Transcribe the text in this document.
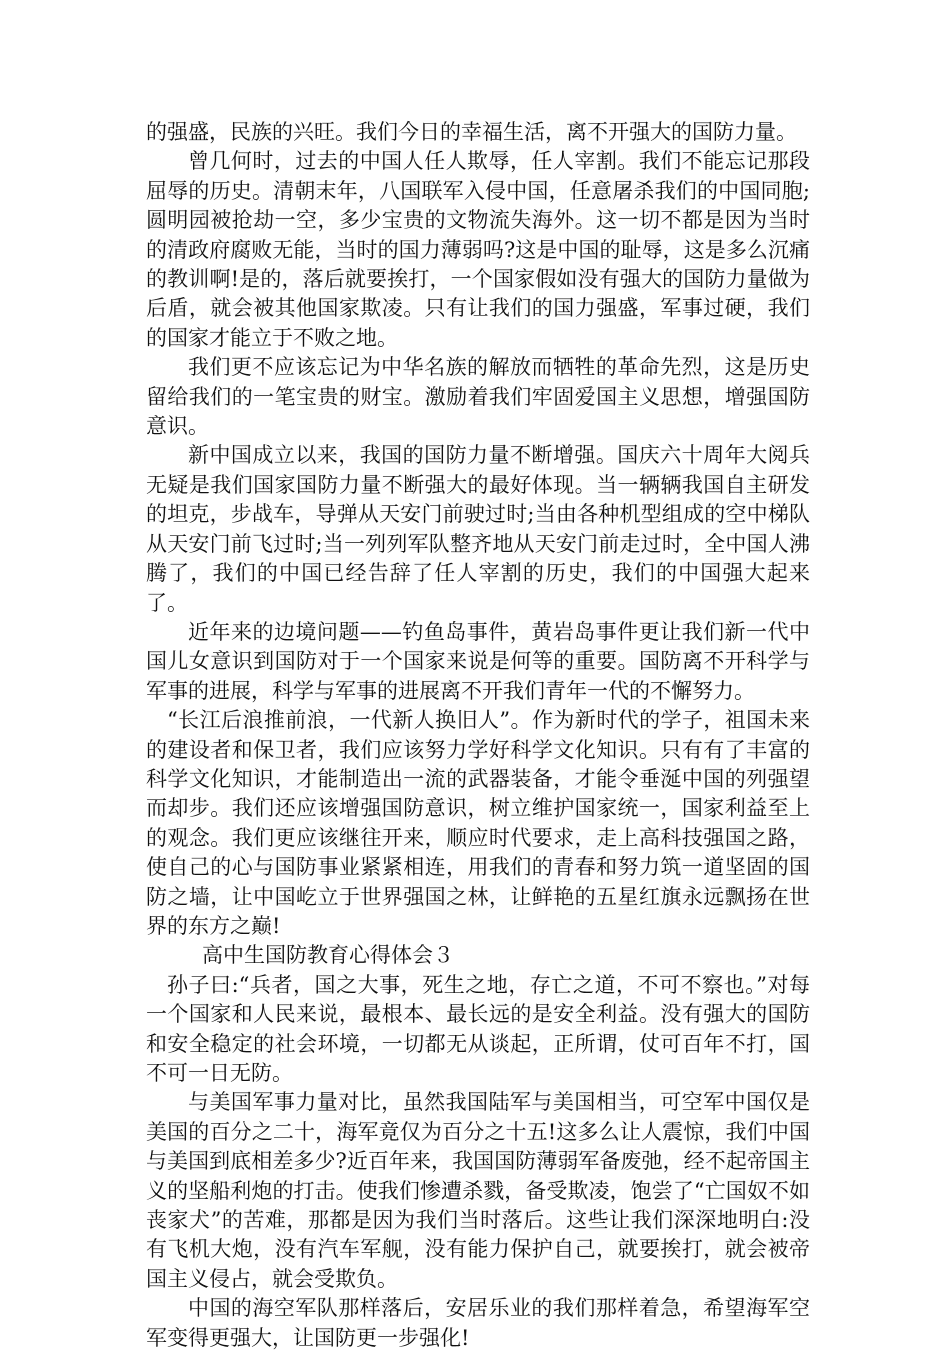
的强盛，民族的兴旺。我们今日的幸福生活，离不开强大的国防力量。

曾几何时，过去的中国人任人欺辱，任人宰割。我们不能忘记那段屈辱的历史。清朝末年，八国联军入侵中国，任意屠杀我们的中国同胞;圆明园被抢劫一空，多少宝贵的文物流失海外。这一切不都是因为当时的清政府腐败无能，当时的国力薄弱吗?这是中国的耻辱，这是多么沉痛的教训啊!是的，落后就要挨打，一个国家假如没有强大的国防力量做为后盾，就会被其他国家欺凌。只有让我们的国力强盛，军事过硬，我们的国家才能立于不败之地。

我们更不应该忘记为中华名族的解放而牺牲的革命先烈，这是历史留给我们的一笔宝贵的财宝。激励着我们牢固爱国主义思想，增强国防意识。

新中国成立以来，我国的国防力量不断增强。国庆六十周年大阅兵无疑是我们国家国防力量不断强大的最好体现。当一辆辆我国自主研发的坦克，步战车，导弹从天安门前驶过时;当由各种机型组成的空中梯队从天安门前飞过时;当一列列军队整齐地从天安门前走过时，全中国人沸腾了，我们的中国已经告辞了任人宰割的历史，我们的中国强大起来了。

近年来的边境问题——钓鱼岛事件，黄岩岛事件更让我们新一代中国儿女意识到国防对于一个国家来说是何等的重要。国防离不开科学与军事的进展，科学与军事的进展离不开我们青年一代的不懈努力。

“长江后浪推前浪，一代新人换旧人”。作为新时代的学子，祖国未来的建设者和保卫者，我们应该努力学好科学文化知识。只有有了丰富的科学文化知识，才能制造出一流的武器装备，才能令垂涎中国的列强望而却步。我们还应该增强国防意识，树立维护国家统一，国家利益至上的观念。我们更应该继往开来，顺应时代要求，走上高科技强国之路，使自己的心与国防事业紧紧相连，用我们的青春和努力筑一道坚固的国防之墙，让中国屹立于世界强国之林，让鲜艳的五星红旗永远飘扬在世界的东方之巅!

高中生国防教育心得体会３

孙子曰:“兵者，国之大事，死生之地，存亡之道，不可不察也。”对每一个国家和人民来说，最根本、最长远的是安全利益。没有强大的国防和安全稳定的社会环境，一切都无从谈起，正所谓，仗可百年不打，国不可一日无防。

与美国军事力量对比，虽然我国陆军与美国相当，可空军中国仅是美国的百分之二十，海军竟仅为百分之十五!这多么让人震惊，我们中国与美国到底相差多少?近百年来，我国国防薄弱军备废弛，经不起帝国主义的坚船利炮的打击。使我们惨遭杀戮，备受欺凌，饱尝了“亡国奴不如丧家犬”的苦难，那都是因为我们当时落后。这些让我们深深地明白:没有飞机大炮，没有汽车军舰，没有能力保护自己，就要挨打，就会被帝国主义侵占，就会受欺负。

中国的海空军队那样落后，安居乐业的我们那样着急，希望海军空军变得更强大，让国防更一步强化!
